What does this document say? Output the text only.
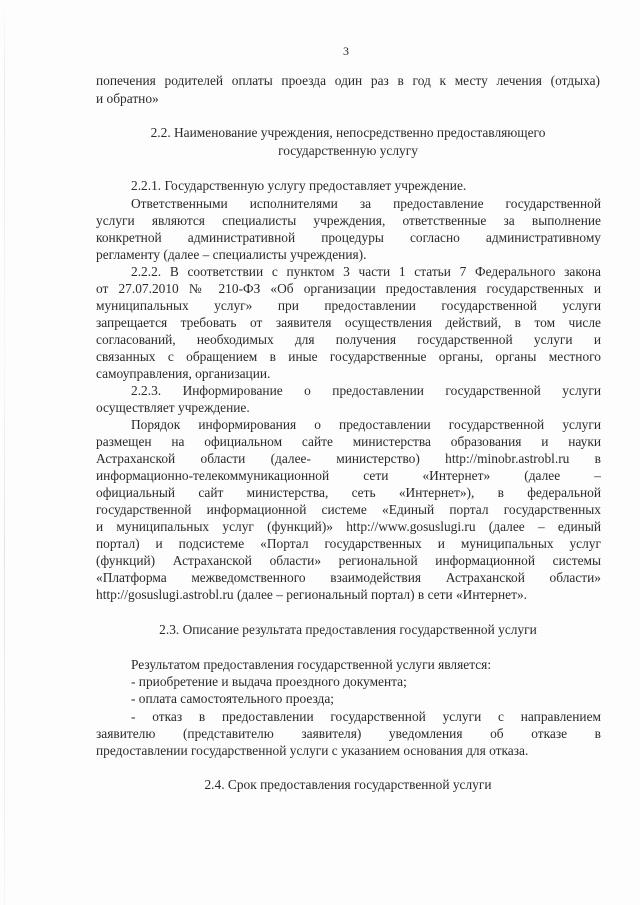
3
попечения родителей оплаты проезда один раз в год к месту лечения (отдыха)
и обратно»
2.2. Наименование учреждения, непосредственно предоставляющего
государственную услугу
2.2.1. Государственную услугу предоставляет учреждение.
Ответственными исполнителями за предоставление государственной
услуги являются специалисты учреждения, ответственные за выполнение
конкретной административной процедуры согласно административному
регламенту (далее – специалисты учреждения).
2.2.2. В соответствии с пунктом 3 части 1 статьи 7 Федерального закона
от 27.07.2010 № 210-ФЗ «Об организации предоставления государственных и
муниципальных услуг» при предоставлении государственной услуги
запрещается требовать от заявителя осуществления действий, в том числе
согласований, необходимых для получения государственной услуги и
связанных с обращением в иные государственные органы, органы местного
самоуправления, организации.
2.2.3. Информирование о предоставлении государственной услуги
осуществляет учреждение.
Порядок информирования о предоставлении государственной услуги
размещен на официальном сайте министерства образования и науки
Астраханской области (далее- министерство) http://minobr.astrobl.ru в
информационно-телекоммуникационной сети «Интернет» (далее –
официальный сайт министерства, сеть «Интернет»), в федеральной
государственной информационной системе «Единый портал государственных
и муниципальных услуг (функций)» http://www.gosuslugi.ru (далее – единый
портал) и подсистеме «Портал государственных и муниципальных услуг
(функций) Астраханской области» региональной информационной системы
«Платформа межведомственного взаимодействия Астраханской области»
http://gosuslugi.astrobl.ru (далее – региональный портал) в сети «Интернет».
2.3. Описание результата предоставления государственной услуги
Результатом предоставления государственной услуги является:
- приобретение и выдача проездного документа;
- оплата самостоятельного проезда;
- отказ в предоставлении государственной услуги с направлением
заявителю (представителю заявителя) уведомления об отказе в
предоставлении государственной услуги с указанием основания для отказа.
2.4. Срок предоставления государственной услуги
